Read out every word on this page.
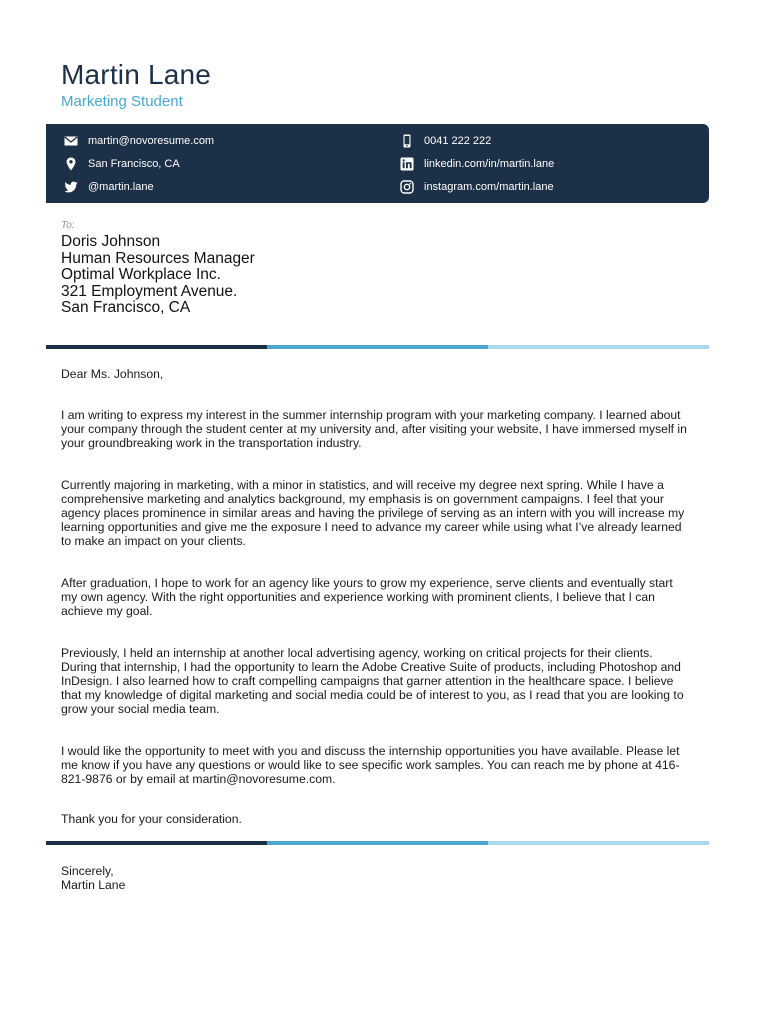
Martin Lane
Marketing Student
martin@novoresume.com
San Francisco, CA
@martin.lane
0041 222 222
linkedin.com/in/martin.lane
instagram.com/martin.lane
To:
Doris Johnson
Human Resources Manager
Optimal Workplace Inc.
321 Employment Avenue.
San Francisco, CA
Dear Ms. Johnson,
I am writing to express my interest in the summer internship program with your marketing company. I learned about your company through the student center at my university and, after visiting your website, I have immersed myself in your groundbreaking work in the transportation industry.
Currently majoring in marketing, with a minor in statistics, and will receive my degree next spring. While I have a comprehensive marketing and analytics background, my emphasis is on government campaigns. I feel that your agency places prominence in similar areas and having the privilege of serving as an intern with you will increase my learning opportunities and give me the exposure I need to advance my career while using what I’ve already learned to make an impact on your clients.
After graduation, I hope to work for an agency like yours to grow my experience, serve clients and eventually start my own agency. With the right opportunities and experience working with prominent clients, I believe that I can achieve my goal.
Previously, I held an internship at another local advertising agency, working on critical projects for their clients. During that internship, I had the opportunity to learn the Adobe Creative Suite of products, including Photoshop and InDesign. I also learned how to craft compelling campaigns that garner attention in the healthcare space. I believe that my knowledge of digital marketing and social media could be of interest to you, as I read that you are looking to grow your social media team.
I would like the opportunity to meet with you and discuss the internship opportunities you have available. Please let me know if you have any questions or would like to see specific work samples. You can reach me by phone at 416-821-9876 or by email at martin@novoresume.com.
Thank you for your consideration.
Sincerely,
Martin Lane
